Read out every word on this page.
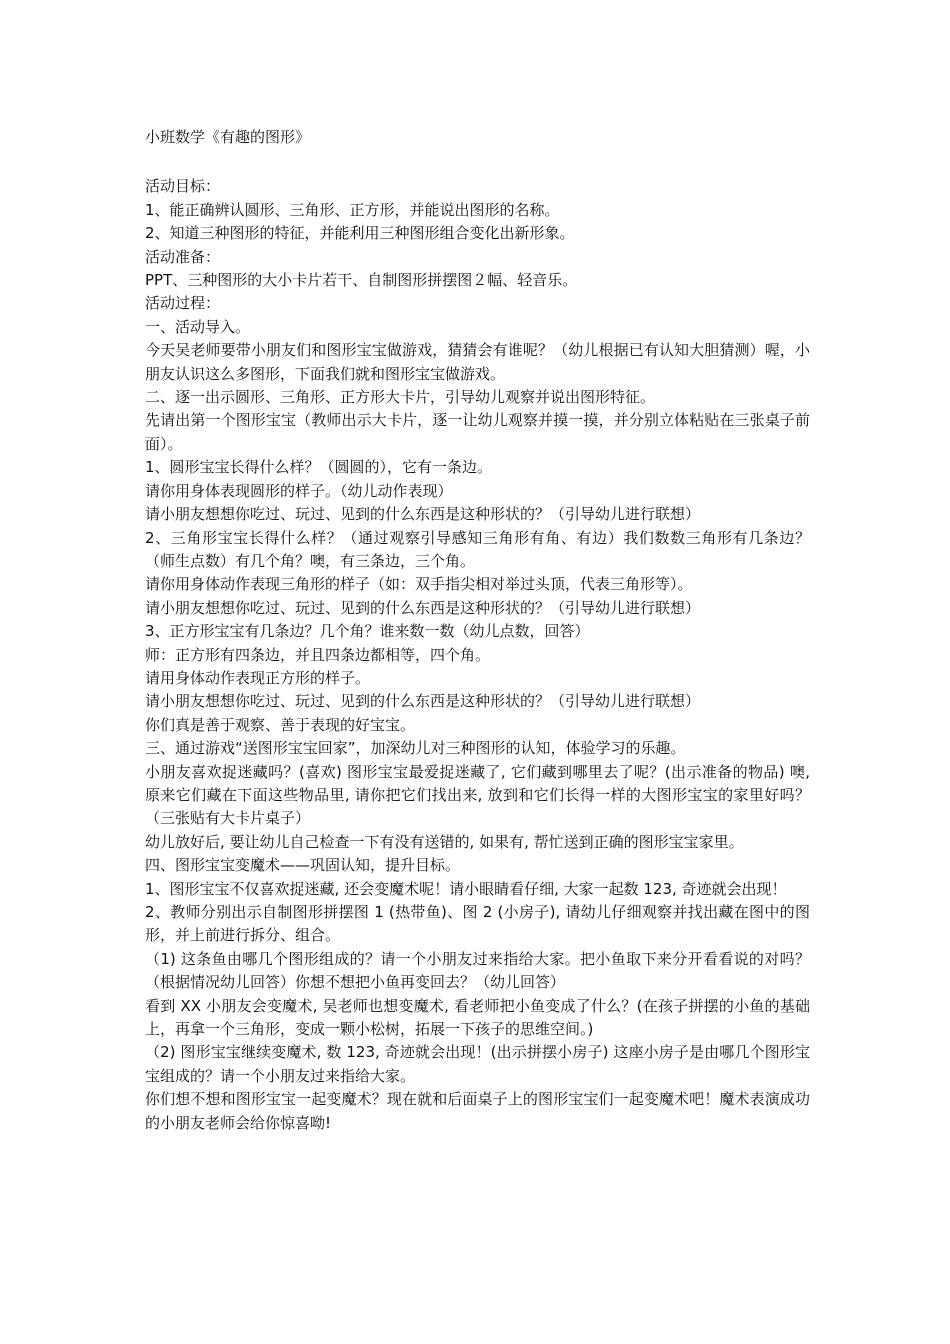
小班数学《有趣的图形》

活动目标：

1、能正确辨认圆形、三角形、正方形，并能说出图形的名称。

2、知道三种图形的特征，并能利用三种图形组合变化出新形象。

活动准备：

PPT、三种图形的大小卡片若干、自制图形拼摆图２幅、轻音乐。

活动过程：

一、活动导入。

今天吴老师要带小朋友们和图形宝宝做游戏，猜猜会有谁呢？（幼儿根据已有认知大胆猜测）喔，小朋友认识这么多图形，下面我们就和图形宝宝做游戏。

二、逐一出示圆形、三角形、正方形大卡片，引导幼儿观察并说出图形特征。

先请出第一个图形宝宝（教师出示大卡片，逐一让幼儿观察并摸一摸，并分别立体粘贴在三张桌子前面）。

1、圆形宝宝长得什么样？（圆圆的），它有一条边。

请你用身体表现圆形的样子。（幼儿动作表现）

请小朋友想想你吃过、玩过、见到的什么东西是这种形状的？（引导幼儿进行联想）

2、三角形宝宝长得什么样？（通过观察引导感知三角形有角、有边）我们数数三角形有几条边？（师生点数）有几个角？噢，有三条边，三个角。

请你用身体动作表现三角形的样子（如：双手指尖相对举过头顶，代表三角形等）。

请小朋友想想你吃过、玩过、见到的什么东西是这种形状的？（引导幼儿进行联想）

3、正方形宝宝有几条边？几个角？谁来数一数（幼儿点数，回答）

师：正方形有四条边，并且四条边都相等，四个角。

请用身体动作表现正方形的样子。

请小朋友想想你吃过、玩过、见到的什么东西是这种形状的？（引导幼儿进行联想）

你们真是善于观察、善于表现的好宝宝。

三、通过游戏“送图形宝宝回家”，加深幼儿对三种图形的认知，体验学习的乐趣。

小朋友喜欢捉迷藏吗？(喜欢) 图形宝宝最爱捉迷藏了, 它们藏到哪里去了呢？(出示准备的物品) 噢, 原来它们藏在下面这些物品里, 请你把它们找出来, 放到和它们长得一样的大图形宝宝的家里好吗？（三张贴有大卡片桌子）

幼儿放好后, 要让幼儿自己检查一下有没有送错的, 如果有, 帮忙送到正确的图形宝宝家里。

四、图形宝宝变魔术——巩固认知，提升目标。

1、图形宝宝不仅喜欢捉迷藏, 还会变魔术呢！请小眼睛看仔细, 大家一起数 123, 奇迹就会出现！

2、教师分别出示自制图形拼摆图 1 (热带鱼)、图 2 (小房子), 请幼儿仔细观察并找出藏在图中的图形，并上前进行拆分、组合。

（1) 这条鱼由哪几个图形组成的？请一个小朋友过来指给大家。把小鱼取下来分开看看说的对吗？（根据情况幼儿回答）你想不想把小鱼再变回去？（幼儿回答）

看到 XX 小朋友会变魔术, 吴老师也想变魔术, 看老师把小鱼变成了什么？(在孩子拼摆的小鱼的基础上，再拿一个三角形，变成一颗小松树，拓展一下孩子的思维空间。)

（2) 图形宝宝继续变魔术, 数 123, 奇迹就会出现！(出示拼摆小房子) 这座小房子是由哪几个图形宝宝组成的？请一个小朋友过来指给大家。

你们想不想和图形宝宝一起变魔术？现在就和后面桌子上的图形宝宝们一起变魔术吧！魔术表演成功的小朋友老师会给你惊喜呦!
